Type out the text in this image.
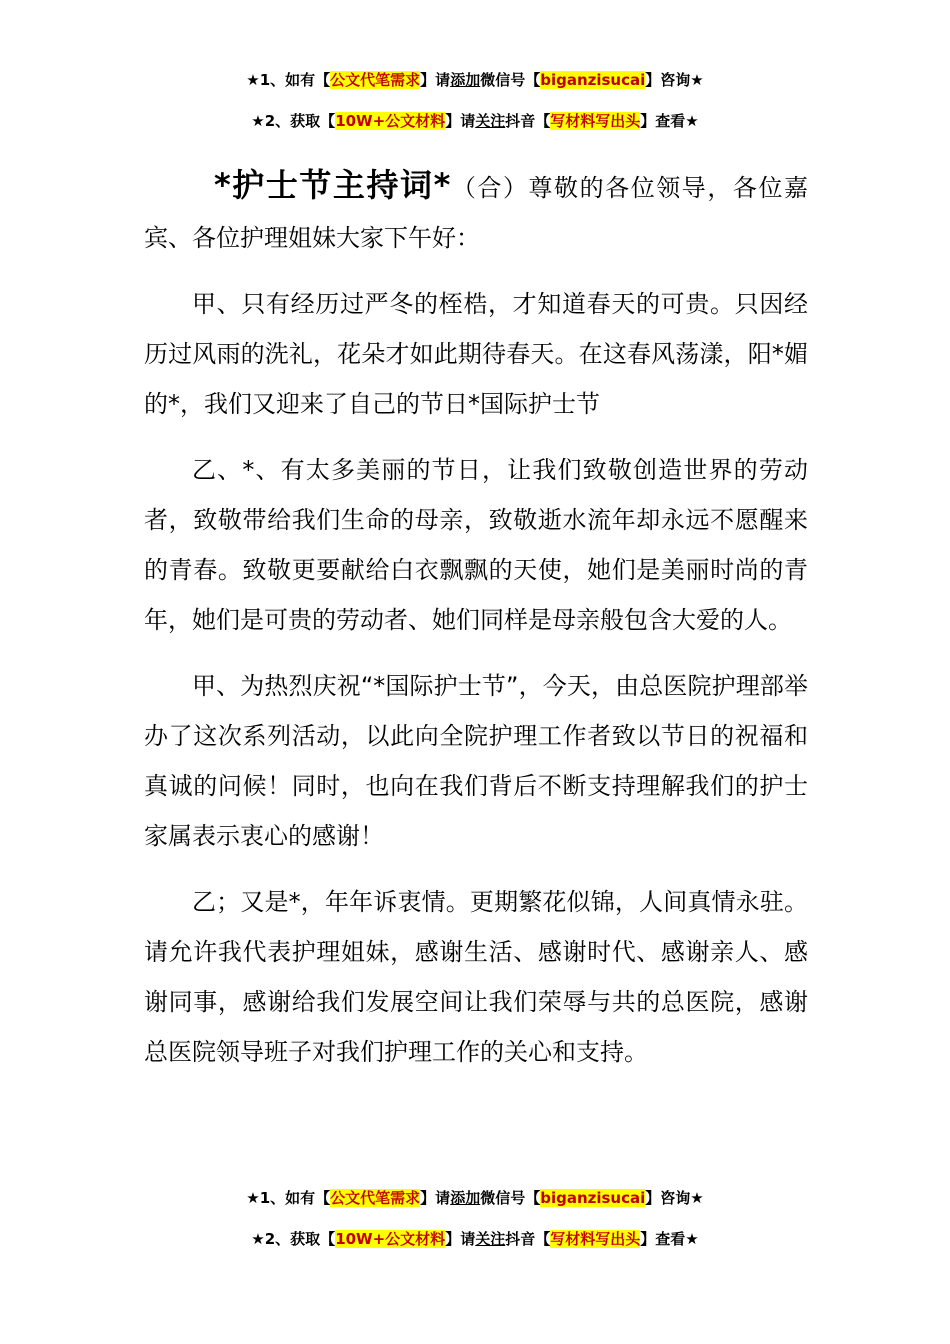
★1、如有【公文代笔需求】请添加微信号【biganzisucai】咨询★
★2、获取【10W+公文材料】请关注抖音【写材料写出头】查看★

*护士节主持词*（合）尊敬的各位领导，各位嘉宾、各位护理姐妹大家下午好：

甲、只有经历过严冬的桎梏，才知道春天的可贵。只因经历过风雨的洗礼，花朵才如此期待春天。在这春风荡漾，阳*媚的*，我们又迎来了自己的节日*国际护士节

乙、*、有太多美丽的节日，让我们致敬创造世界的劳动者，致敬带给我们生命的母亲，致敬逝水流年却永远不愿醒来的青春。致敬更要献给白衣飘飘的天使，她们是美丽时尚的青年，她们是可贵的劳动者、她们同样是母亲般包含大爱的人。

甲、为热烈庆祝“*国际护士节”，今天，由总医院护理部举办了这次系列活动，以此向全院护理工作者致以节日的祝福和真诚的问候！同时，也向在我们背后不断支持理解我们的护士家属表示衷心的感谢！

乙；又是*，年年诉衷情。更期繁花似锦，人间真情永驻。请允许我代表护理姐妹，感谢生活、感谢时代、感谢亲人、感谢同事，感谢给我们发展空间让我们荣辱与共的总医院，感谢总医院领导班子对我们护理工作的关心和支持。

★1、如有【公文代笔需求】请添加微信号【biganzisucai】咨询★
★2、获取【10W+公文材料】请关注抖音【写材料写出头】查看★
